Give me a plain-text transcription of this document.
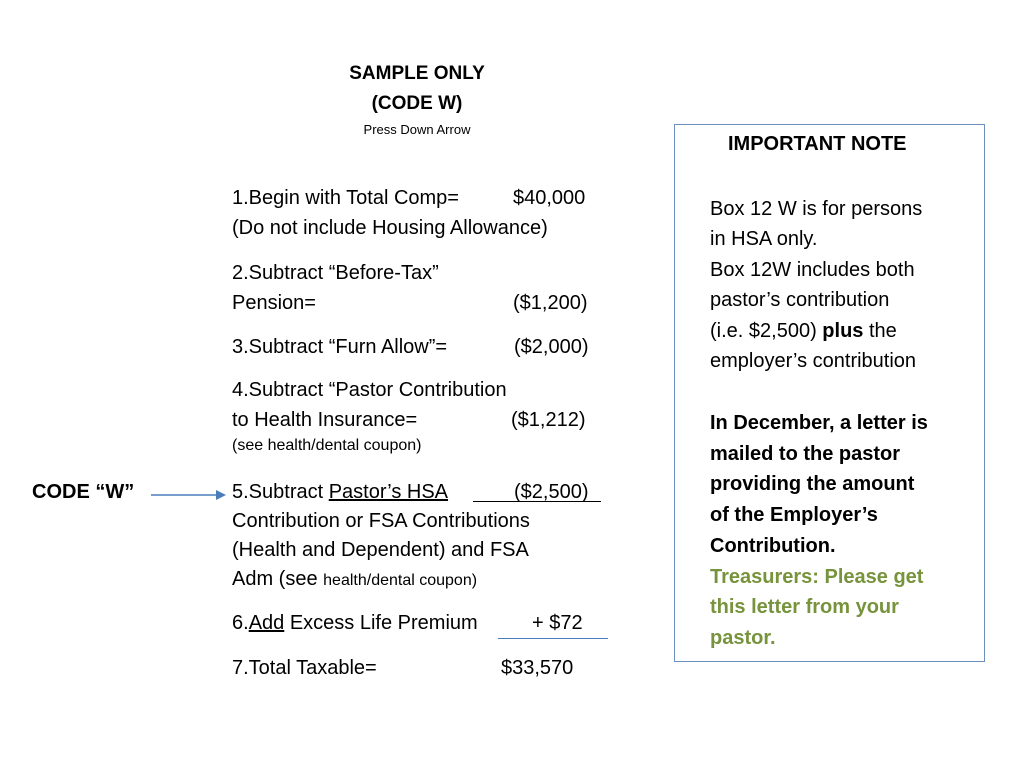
SAMPLE ONLY
(CODE W)
Press Down Arrow
1.Begin with Total Comp=	$40,000
(Do not include Housing Allowance)
2.Subtract “Before-Tax”
Pension=	($1,200)
3.Subtract “Furn Allow”=	($2,000)
4.Subtract “Pastor Contribution
to Health Insurance=	($1,212)
(see health/dental coupon)
5.Subtract Pastor’s HSA	($2,500)
Contribution or FSA Contributions
(Health and Dependent) and FSA
Adm (see health/dental coupon)
6.Add Excess Life Premium	+ $72
7.Total Taxable=	$33,570
CODE “W”
IMPORTANT NOTE
Box 12 W is for persons
in HSA only.
Box 12W includes both
pastor’s contribution
(i.e. $2,500) plus the
employer’s contribution
In December, a letter is
mailed to the pastor
providing the amount
of the Employer’s
Contribution.
Treasurers: Please get
this letter from your
pastor.
